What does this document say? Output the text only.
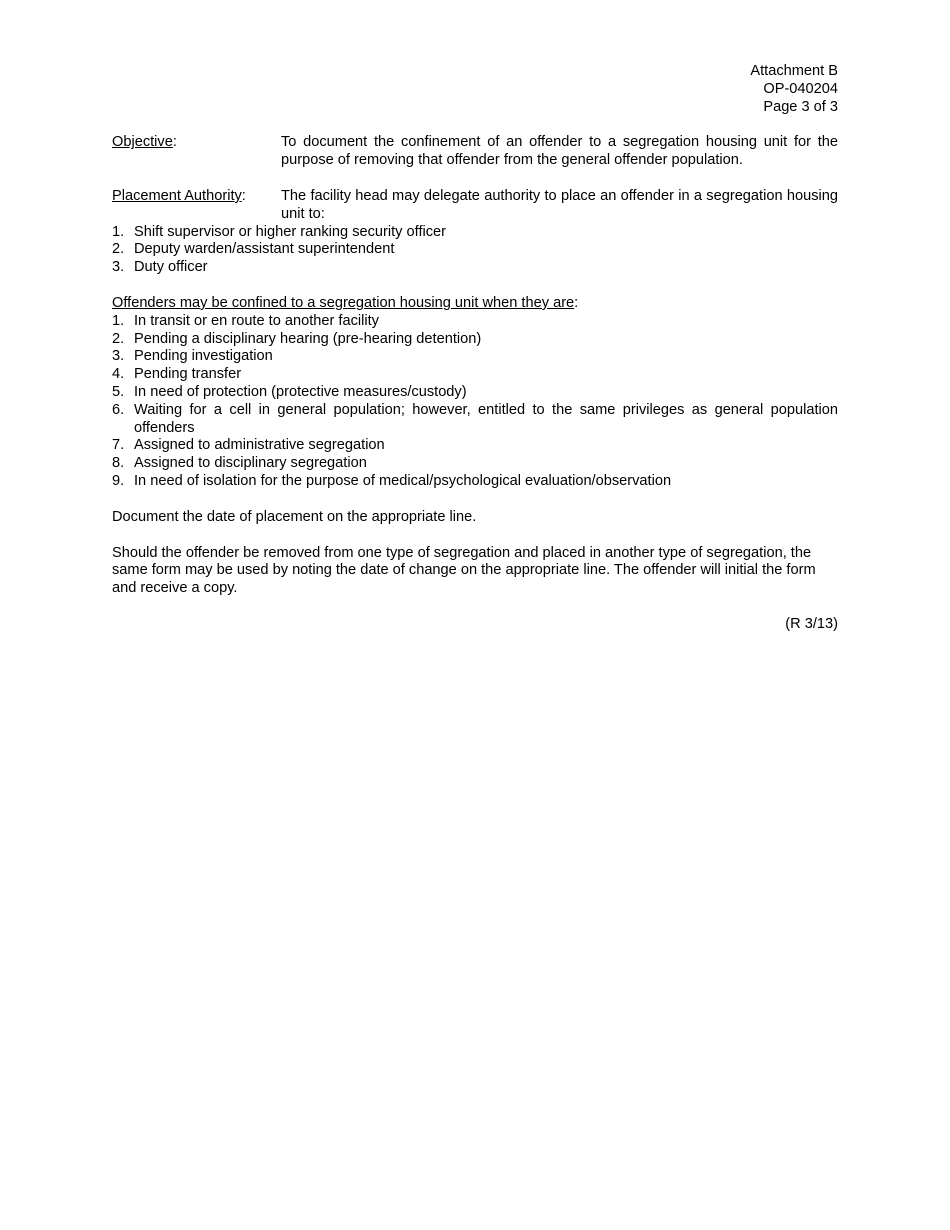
Attachment B
OP-040204
Page 3 of 3
Objective:	To document the confinement of an offender to a segregation housing unit for the purpose of removing that offender from the general offender population.
Placement Authority:	The facility head may delegate authority to place an offender in a segregation housing unit to:
1. Shift supervisor or higher ranking security officer
2. Deputy warden/assistant superintendent
3. Duty officer
Offenders may be confined to a segregation housing unit when they are:
1. In transit or en route to another facility
2. Pending a disciplinary hearing (pre-hearing detention)
3. Pending investigation
4. Pending transfer
5. In need of protection (protective measures/custody)
6. Waiting for a cell in general population; however, entitled to the same privileges as general population offenders
7. Assigned to administrative segregation
8. Assigned to disciplinary segregation
9. In need of isolation for the purpose of medical/psychological evaluation/observation
Document the date of placement on the appropriate line.
Should the offender be removed from one type of segregation and placed in another type of segregation, the same form may be used by noting the date of change on the appropriate line. The offender will initial the form and receive a copy.
(R 3/13)
